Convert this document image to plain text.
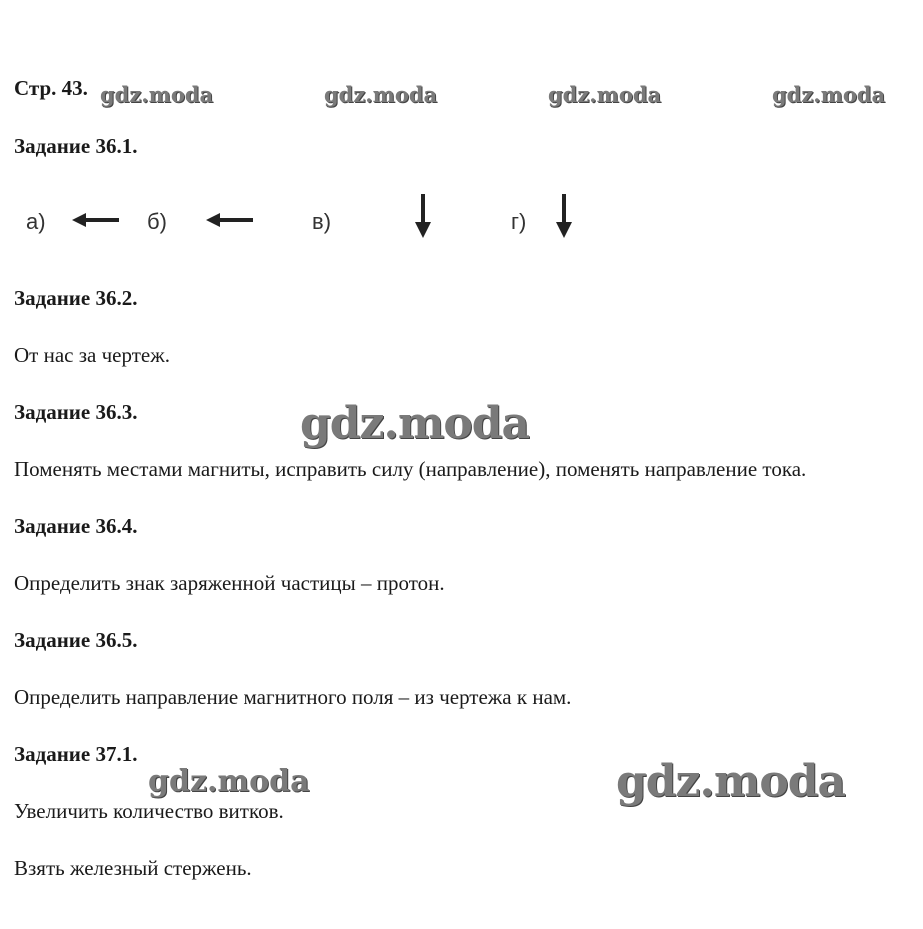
Стр. 43. gdz.moda	gdz.moda	gdz.moda	gdz.moda
Задание 36.1.
а)	б)	в)	г)
Задание 36.2.
От нас за чертеж.
Задание 36.3.	gdz.moda
Поменять местами магниты, исправить силу (направление), поменять направление тока.
Задание 36.4.
Определить знак заряженной частицы – протон.
Задание 36.5.
Определить направление магнитного поля – из чертежа к нам.
Задание 37.1.
gdz.moda	gdz.moda
Увеличить количество витков.
Взять железный стержень.
